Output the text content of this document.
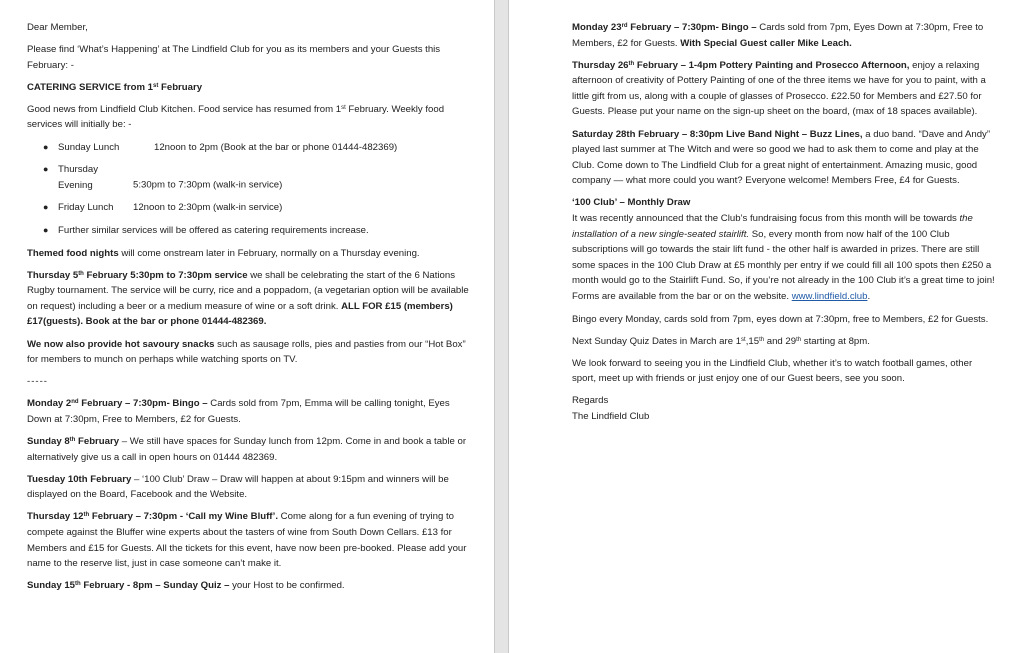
Dear Member,

Please find ‘What’s Happening’ at The Lindfield Club for you as its members and your Guests this February: -

CATERING SERVICE from 1st February

Good news from Lindfield Club Kitchen. Food service has resumed from 1st February. Weekly food services will initially be: -

● Sunday Lunch	12noon to 2pm (Book at the bar or phone 01444-482369)
● Thursday Evening	5:30pm to 7:30pm (walk-in service)
● Friday Lunch 12noon to 2:30pm (walk-in service)
● Further similar services will be offered as catering requirements increase.

Themed food nights will come onstream later in February, normally on a Thursday evening.

Thursday 5th February 5:30pm to 7:30pm service we shall be celebrating the start of the 6 Nations Rugby tournament. The service will be curry, rice and a poppadom, (a vegetarian option will be available on request) including a beer or a medium measure of wine or a soft drink. ALL FOR £15 (members) £17(guests). Book at the bar or phone 01444-482369.

We now also provide hot savoury snacks such as sausage rolls, pies and pasties from our “Hot Box” for members to munch on perhaps while watching sports on TV.

-----

Monday 2nd February – 7:30pm- Bingo – Cards sold from 7pm, Emma will be calling tonight, Eyes Down at 7:30pm, Free to Members, £2 for Guests.

Sunday 8th February – We still have spaces for Sunday lunch from 12pm. Come in and book a table or alternatively give us a call in open hours on 01444 482369.

Tuesday 10th February – ‘100 Club’ Draw – Draw will happen at about 9:15pm and winners will be displayed on the Board, Facebook and the Website.

Thursday 12th February – 7:30pm - ‘Call my Wine Bluff’. Come along for a fun evening of trying to compete against the Bluffer wine experts about the tasters of wine from South Down Cellars. £13 for Members and £15 for Guests. All the tickets for this event, have now been pre-booked. Please add your name to the reserve list, just in case someone can’t make it.

Sunday 15th February - 8pm – Sunday Quiz – your Host to be confirmed.

Monday 23rd February – 7:30pm- Bingo – Cards sold from 7pm, Eyes Down at 7:30pm, Free to Members, £2 for Guests. With Special Guest caller Mike Leach.

Thursday 26th February – 1-4pm Pottery Painting and Prosecco Afternoon, enjoy a relaxing afternoon of creativity of Pottery Painting of one of the three items we have for you to paint, with a little gift from us, along with a couple of glasses of Prosecco. £22.50 for Members and £27.50 for Guests. Please put your name on the sign-up sheet on the board, (max of 18 spaces available).

Saturday 28th February – 8:30pm Live Band Night – Buzz Lines, a duo band. “Dave and Andy” played last summer at The Witch and were so good we had to ask them to come and play at the Club. Come down to The Lindfield Club for a great night of entertainment. Amazing music, good company — what more could you want? Everyone welcome! Members Free, £4 for Guests.

‘100 Club’ – Monthly Draw
It was recently announced that the Club’s fundraising focus from this month will be towards the installation of a new single-seated stairlift. So, every month from now half of the 100 Club subscriptions will go towards the stair lift fund - the other half is awarded in prizes. There are still some spaces in the 100 Club Draw at £5 monthly per entry if we could fill all 100 spots then £250 a month would go to the Stairlift Fund. So, if you’re not already in the 100 Club it’s a great time to join! Forms are available from the bar or on the website. www.lindfield.club.

Bingo every Monday, cards sold from 7pm, eyes down at 7:30pm, free to Members, £2 for Guests.

Next Sunday Quiz Dates in March are 1st,15th and 29th starting at 8pm.

We look forward to seeing you in the Lindfield Club, whether it’s to watch football games, other sport, meet up with friends or just enjoy one of our Guest beers, see you soon.

Regards
The Lindfield Club
